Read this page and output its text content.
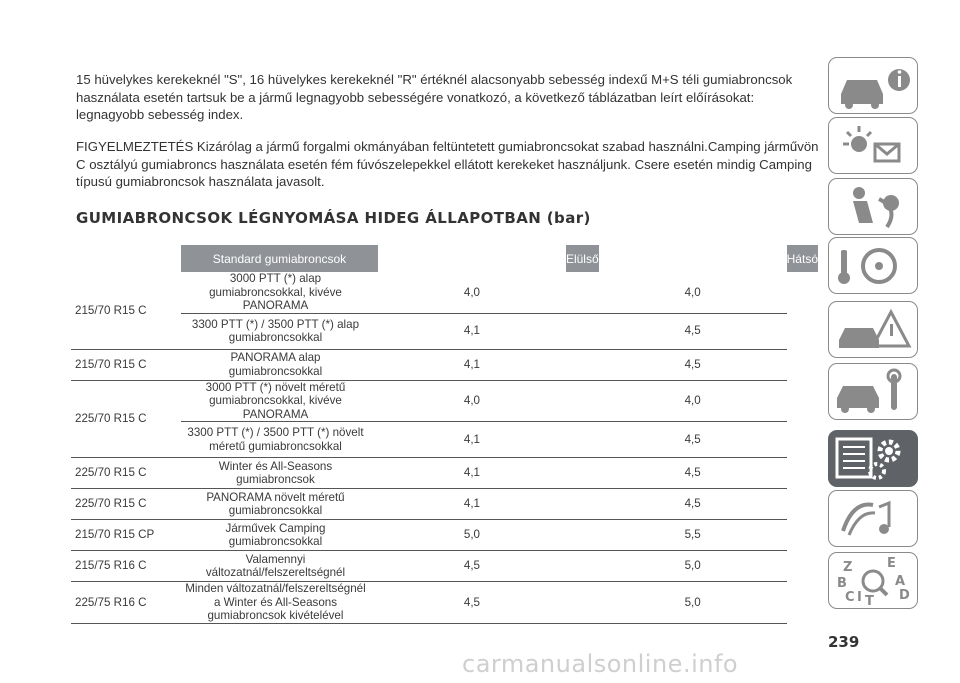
15 hüvelykes kerekeknél "S", 16 hüvelykes kerekeknél "R" értéknél alacsonyabb sebesség indexű M+S téli gumiabroncsok használata esetén tartsuk be a jármű legnagyobb sebességére vonatkozó, a következő táblázatban leírt előírásokat: legnagyobb sebesség index.
FIGYELMEZTETÉS Kizárólag a jármű forgalmi okmányában feltüntetett gumiabroncsokat szabad használni.Camping járművön C osztályú gumiabroncs használata esetén fém fúvószelepekkel ellátott kerekeket használjunk. Csere esetén mindig Camping típusú gumiabroncsok használata javasolt.
GUMIABRONCSOK LÉGNYOMÁSA HIDEG ÁLLAPOTBAN (bar)
	Standard gumiabroncsok			Elülső		Hátsó
215/70 R15 C	3000 PTT (*) alap gumiabroncsokkal, kivéve PANORAMA		4,0		4,0	
	3300 PTT (*) / 3500 PTT (*) alap gumiabroncsokkal		4,1		4,5	
215/70 R15 C	PANORAMA alap gumiabroncsokkal		4,1		4,5	
225/70 R15 C	3000 PTT (*) növelt méretű gumiabroncsokkal, kivéve PANORAMA		4,0		4,0	
	3300 PTT (*) / 3500 PTT (*) növelt méretű gumiabroncsokkal		4,1		4,5	
225/70 R15 C	Winter és All-Seasons gumiabroncsok		4,1		4,5	
225/70 R15 C	PANORAMA növelt méretű gumiabroncsokkal		4,1		4,5	
215/70 R15 CP	Járművek Camping gumiabroncsokkal		5,0		5,5	
215/75 R16 C	Valamennyi változatnál/felszereltségnél		4,5		5,0	
225/75 R16 C	Minden változatnál/felszereltségnél a Winter és All-Seasons gumiabroncsok kivételével		4,5		5,0	
Z	E
B	A
C T D
I
239
carmanualsonline.info
